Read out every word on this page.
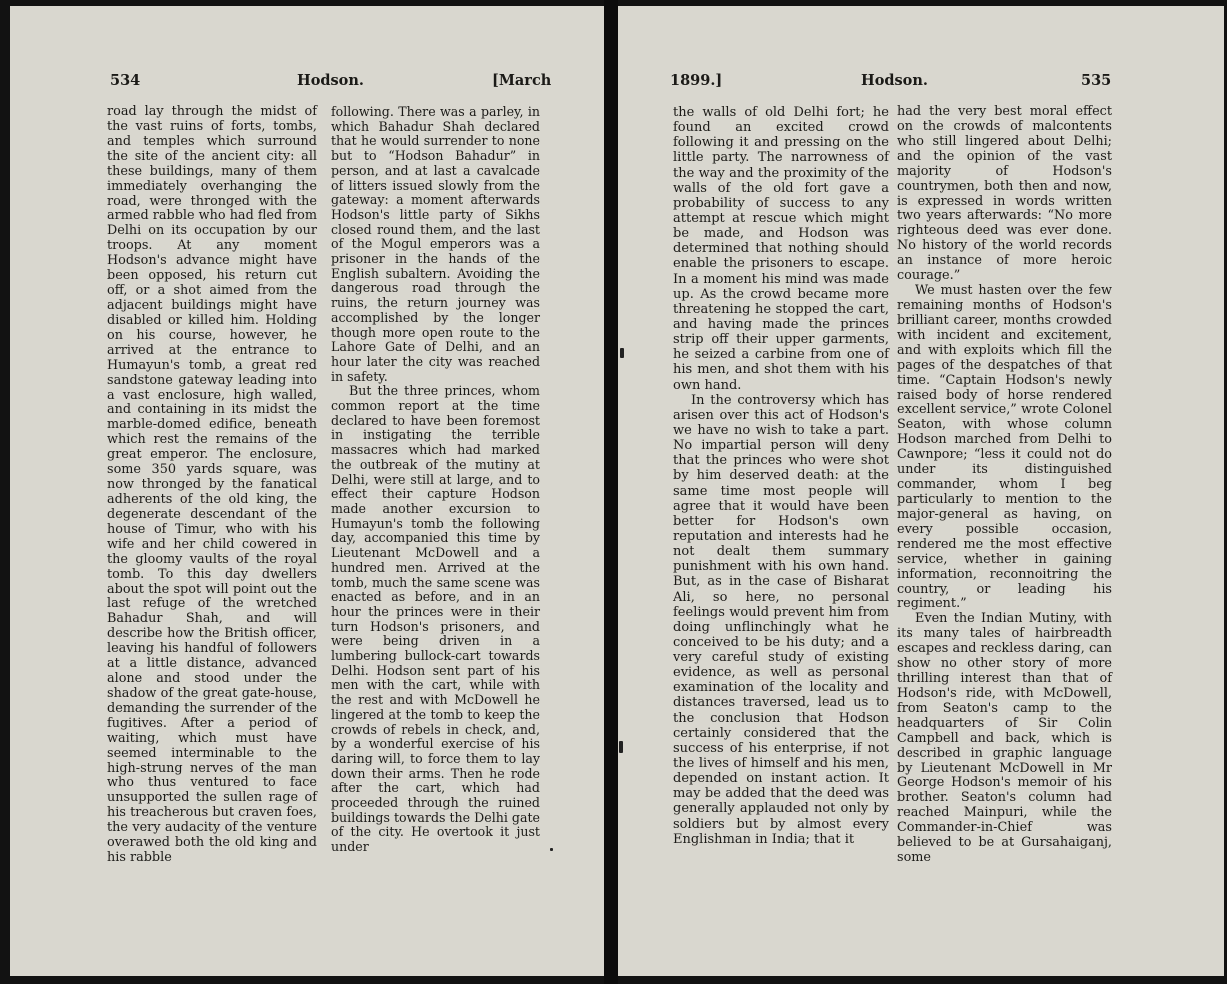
534	Hodson.	[March

road lay through the midst of the vast ruins of forts, tombs, and temples which surround the site of the ancient city: all these buildings, many of them immediately overhanging the road, were thronged with the armed rabble who had fled from Delhi on its occupation by our troops. At any moment Hodson's advance might have been opposed, his return cut off, or a shot aimed from the adjacent buildings might have disabled or killed him. Holding on his course, however, he arrived at the entrance to Humayun's tomb, a great red sandstone gateway leading into a vast enclosure, high walled, and containing in its midst the marble-domed edifice, beneath which rest the remains of the great emperor. The enclosure, some 350 yards square, was now thronged by the fanatical adherents of the old king, the degenerate descendant of the house of Timur, who with his wife and her child cowered in the gloomy vaults of the royal tomb. To this day dwellers about the spot will point out the last refuge of the wretched Bahadur Shah, and will describe how the British officer, leaving his handful of followers at a little distance, advanced alone and stood under the shadow of the great gate-house, demanding the surrender of the fugitives. After a period of waiting, which must have seemed interminable to the high-strung nerves of the man who thus ventured to face unsupported the sullen rage of his treacherous but craven foes, the very audacity of the venture overawed both the old king and his rabble

following. There was a parley, in which Bahadur Shah declared that he would surrender to none but to “Hodson Bahadur” in person, and at last a cavalcade of litters issued slowly from the gateway: a moment afterwards Hodson's little party of Sikhs closed round them, and the last of the Mogul emperors was a prisoner in the hands of the English subaltern. Avoiding the dangerous road through the ruins, the return journey was accomplished by the longer though more open route to the Lahore Gate of Delhi, and an hour later the city was reached in safety.

But the three princes, whom common report at the time declared to have been foremost in instigating the terrible massacres which had marked the outbreak of the mutiny at Delhi, were still at large, and to effect their capture Hodson made another excursion to Humayun's tomb the following day, accompanied this time by Lieutenant McDowell and a hundred men. Arrived at the tomb, much the same scene was enacted as before, and in an hour the princes were in their turn Hodson's prisoners, and were being driven in a lumbering bullock-cart towards Delhi. Hodson sent part of his men with the cart, while with the rest and with McDowell he lingered at the tomb to keep the crowds of rebels in check, and, by a wonderful exercise of his daring will, to force them to lay down their arms. Then he rode after the cart, which had proceeded through the ruined buildings towards the Delhi gate of the city. He overtook it just under

1899.]	Hodson.	535

the walls of old Delhi fort; he found an excited crowd following it and pressing on the little party. The narrowness of the way and the proximity of the walls of the old fort gave a probability of success to any attempt at rescue which might be made, and Hodson was determined that nothing should enable the prisoners to escape. In a moment his mind was made up. As the crowd became more threatening he stopped the cart, and having made the princes strip off their upper garments, he seized a carbine from one of his men, and shot them with his own hand.

In the controversy which has arisen over this act of Hodson's we have no wish to take a part. No impartial person will deny that the princes who were shot by him deserved death: at the same time most people will agree that it would have been better for Hodson's own reputation and interests had he not dealt them summary punishment with his own hand. But, as in the case of Bisharat Ali, so here, no personal feelings would prevent him from doing unflinchingly what he conceived to be his duty; and a very careful study of existing evidence, as well as personal examination of the locality and distances traversed, lead us to the conclusion that Hodson certainly considered that the success of his enterprise, if not the lives of himself and his men, depended on instant action. It may be added that the deed was generally applauded not only by soldiers but by almost every Englishman in India; that it

had the very best moral effect on the crowds of malcontents who still lingered about Delhi; and the opinion of the vast majority of Hodson's countrymen, both then and now, is expressed in words written two years afterwards: “No more righteous deed was ever done. No history of the world records an instance of more heroic courage.”

We must hasten over the few remaining months of Hodson's brilliant career, months crowded with incident and excitement, and with exploits which fill the pages of the despatches of that time. “Captain Hodson's newly raised body of horse rendered excellent service,” wrote Colonel Seaton, with whose column Hodson marched from Delhi to Cawnpore; “less it could not do under its distinguished commander, whom I beg particularly to mention to the major-general as having, on every possible occasion, rendered me the most effective service, whether in gaining information, reconnoitring the country, or leading his regiment.”

Even the Indian Mutiny, with its many tales of hairbreadth escapes and reckless daring, can show no other story of more thrilling interest than that of Hodson's ride, with McDowell, from Seaton's camp to the headquarters of Sir Colin Campbell and back, which is described in graphic language by Lieutenant McDowell in Mr George Hodson's memoir of his brother. Seaton's column had reached Mainpuri, while the Commander-in-Chief was believed to be at Gursahaiganj, some
